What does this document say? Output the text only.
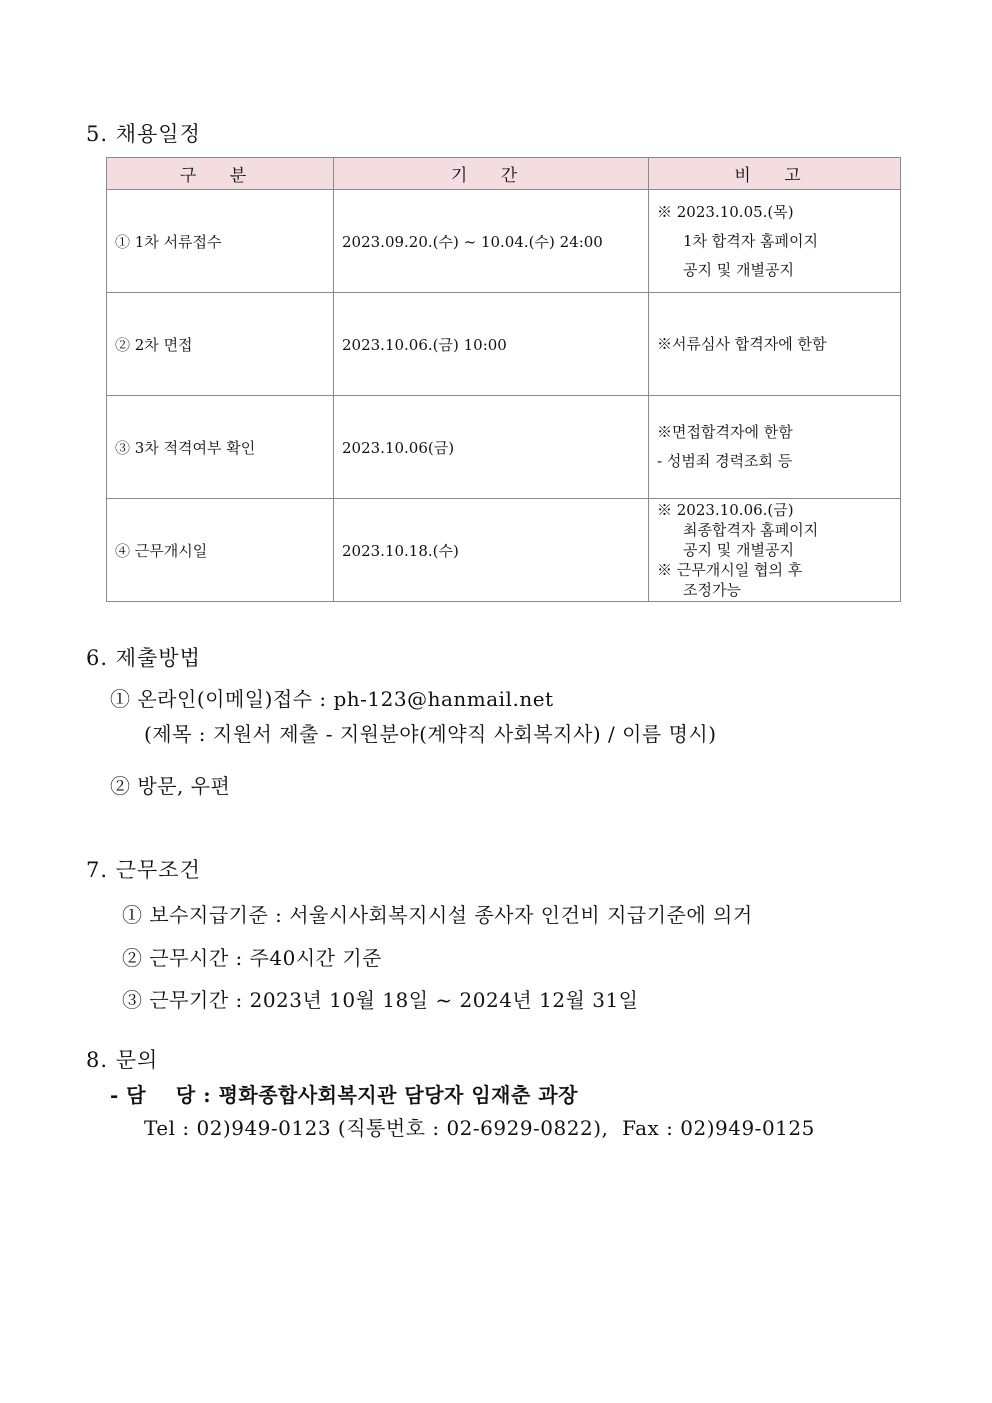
5. 채용일정
구 분	기 간	비 고
① 1차 서류접수	2023.09.20.(수) ~ 10.04.(수) 24:00	※ 2023.10.05.(목)
1차 합격자 홈페이지
공지 및 개별공지

② 2차 면접	2023.10.06.(금) 10:00	※서류심사 합격자에 한함

③ 3차 적격여부 확인	2023.10.06(금)	※면접합격자에 한함
- 성범죄 경력조회 등

④ 근무개시일	2023.10.18.(수)	※ 2023.10.06.(금)
최종합격자 홈페이지
공지 및 개별공지
※ 근무개시일 협의 후
조정가능
6. 제출방법
① 온라인(이메일)접수 : ph-123@hanmail.net
(제목 : 지원서 제출 - 지원분야(계약직 사회복지사) / 이름 명시)
② 방문, 우편
7. 근무조건
① 보수지급기준 : 서울시사회복지시설 종사자 인건비 지급기준에 의거
② 근무시간 : 주40시간 기준
③ 근무기간 : 2023년 10월 18일 ~ 2024년 12월 31일
8. 문의
- 담    당 : 평화종합사회복지관 담당자 임재춘 과장
Tel : 02)949-0123 (직통번호 : 02-6929-0822),  Fax : 02)949-0125
